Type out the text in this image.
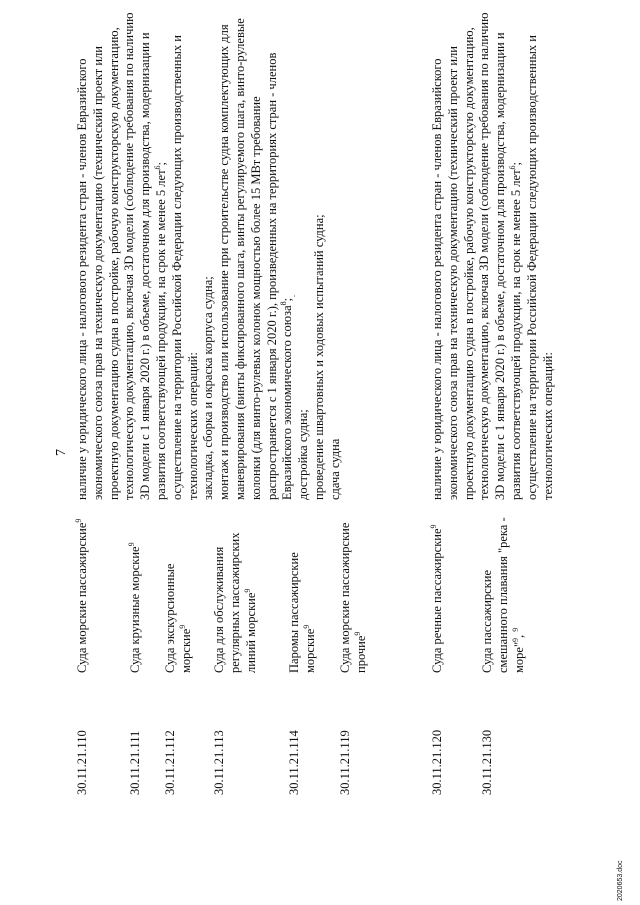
7
30.11.21.110
Суда морские пассажирские$^9$
30.11.21.111
Суда круизные морские$^9$
30.11.21.112
Суда экскурсионные морские$^9$
30.11.21.113
Суда для обслуживания регулярных пассажирских линий морские$^9$
30.11.21.114
Паромы пассажирские морские$^9$
30.11.21.119
Суда морские пассажирские прочие$^9$
30.11.21.120
Суда речные пассажирские$^9$
30.11.21.130
Суда пассажирские смешанного плавания "река - море"$^9$, $^9$

наличие у юридического лица - налогового резидента стран - членов Евразийского экономического союза прав на техническую документацию (технический проект или проектную документацию судна в постройке, рабочую конструкторскую документацию, технологическую документацию, включая 3D модели (соблюдение требования по наличию 3D модели с 1 января 2020 г.) в объеме, достаточном для производства, модернизации и развития соответствующей продукции, на срок не менее 5 лет$^6$; осуществление на территории Российской Федерации следующих производственных и технологических операций: закладка, сборка и окраска корпуса судна; монтаж и производство или использование при строительстве судна комплектующих для маневрирования (винты фиксированного шага, винты регулируемого шага, винто-рулевые колонки (для винто-рулевых колонок мощностью более 15 МВт требование распространяется с 1 января 2020 г.), произведенных на территориях стран - членов Евразийского экономического союза$^8$;

достройка судна; проведение швартовных и ходовых испытаний судна; сдача судна	наличие у юридического лица - налогового резидента стран - членов Евразийского экономического союза прав на техническую документацию (технический проект или проектную документацию судна в постройке, рабочую конструкторскую документацию, технологическую документацию, включая 3D модели (соблюдение требования по наличию 3D модели с 1 января 2020 г.) в объеме, достаточном для производства, модернизации и развития соответствующей продукции, на срок не менее 5 лет$^6$; осуществление на территории Российской Федерации следующих производственных и технологических операций:

.
2020653.doc
